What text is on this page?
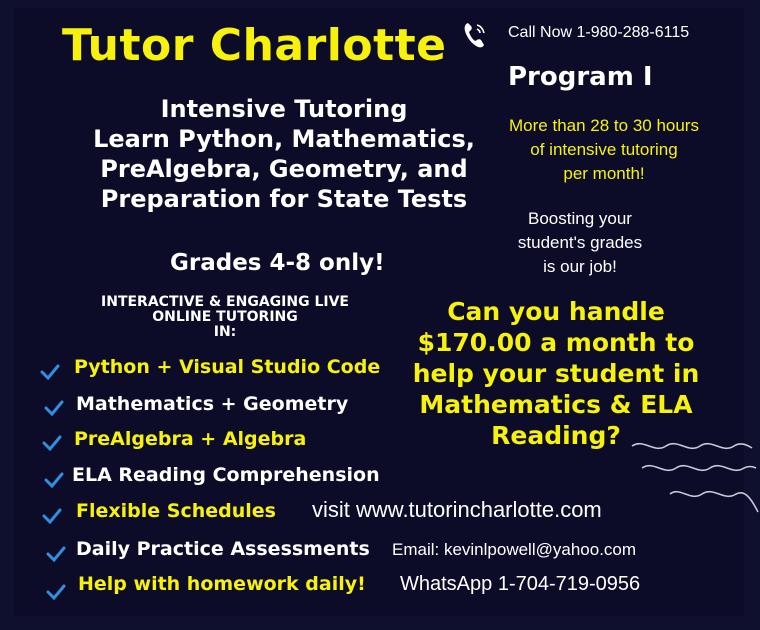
Tutor Charlotte	Call Now 1-980-288-6115
Program I
Intensive Tutoring
Learn Python, Mathematics,
PreAlgebra, Geometry, and
Preparation for State Tests
More than 28 to 30 hours
of intensive tutoring
per month!
Boosting your
student's grades
is our job!
Grades 4-8 only!
INTERACTIVE & ENGAGING LIVE
ONLINE TUTORING
IN:
Python + Visual Studio Code
Mathematics + Geometry
PreAlgebra + Algebra
ELA Reading Comprehension
Flexible Schedules
Daily Practice Assessments
Help with homework daily!
Can you handle
$170.00 a month to
help your student in
Mathematics & ELA
Reading?
visit www.tutorincharlotte.com
Email: kevinlpowell@yahoo.com
WhatsApp 1-704-719-0956
